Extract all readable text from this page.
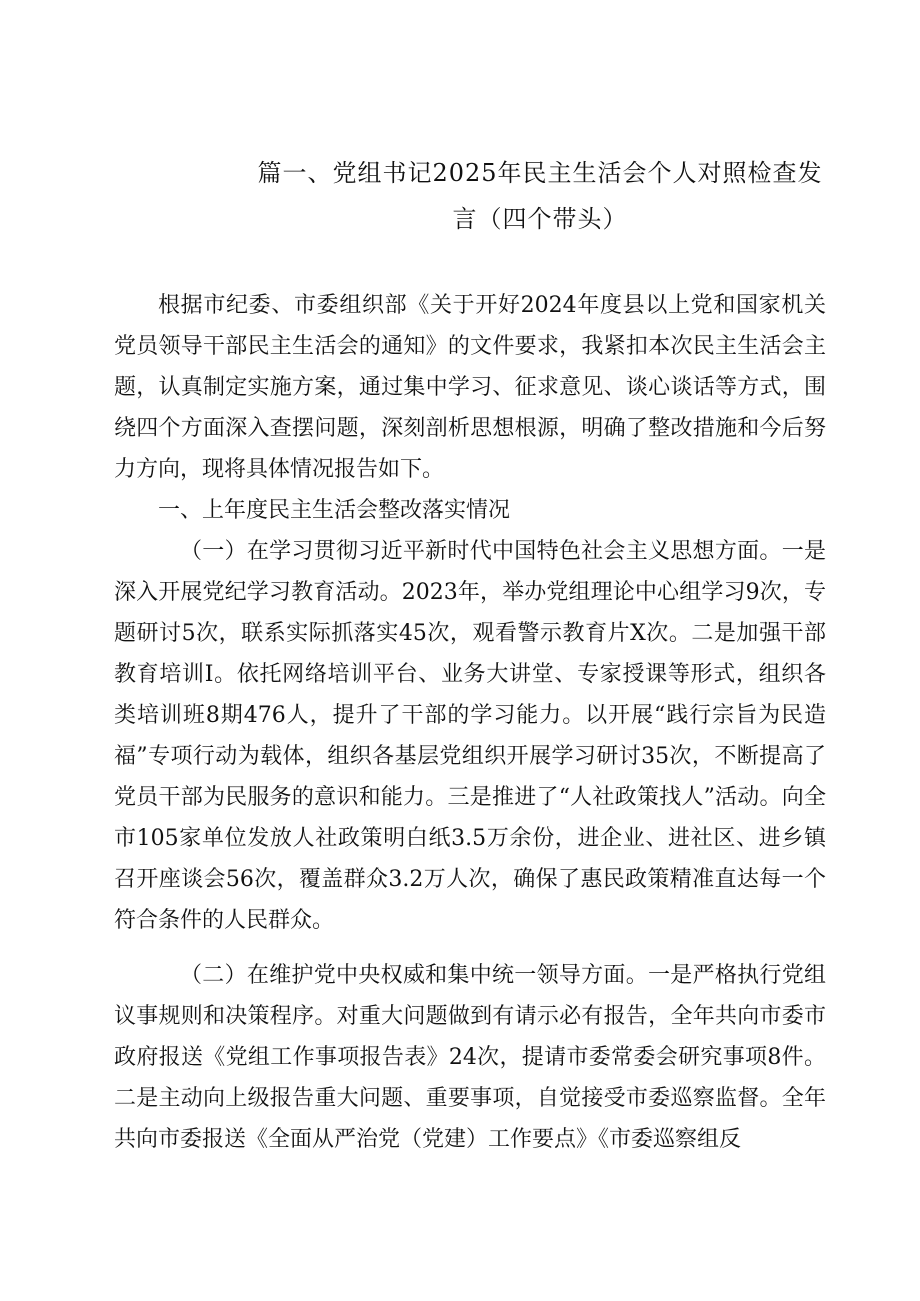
篇一、党组书记2025年民主生活会个人对照检查发言（四个带头）

根据市纪委、市委组织部《关于开好2024年度县以上党和国家机关党员领导干部民主生活会的通知》的文件要求，我紧扣本次民主生活会主题，认真制定实施方案，通过集中学习、征求意见、谈心谈话等方式，围绕四个方面深入查摆问题，深刻剖析思想根源，明确了整改措施和今后努力方向，现将具体情况报告如下。

一、上年度民主生活会整改落实情况

（一）在学习贯彻习近平新时代中国特色社会主义思想方面。一是深入开展党纪学习教育活动。2023年，举办党组理论中心组学习9次，专题研讨5次，联系实际抓落实45次，观看警示教育片X次。二是加强干部教育培训I。依托网络培训平台、业务大讲堂、专家授课等形式，组织各类培训班8期476人，提升了干部的学习能力。以开展“践行宗旨为民造福”专项行动为载体，组织各基层党组织开展学习研讨35次，不断提高了党员干部为民服务的意识和能力。三是推进了“人社政策找人”活动。向全市105家单位发放人社政策明白纸3.5万余份，进企业、进社区、进乡镇召开座谈会56次，覆盖群众3.2万人次，确保了惠民政策精准直达每一个符合条件的人民群众。

（二）在维护党中央权威和集中统一领导方面。一是严格执行党组议事规则和决策程序。对重大问题做到有请示必有报告，全年共向市委市政府报送《党组工作事项报告表》24次，提请市委常委会研究事项8件。二是主动向上级报告重大问题、重要事项，自觉接受市委巡察监督。全年共向市委报送《全面从严治党（党建）工作要点》《市委巡察组反
